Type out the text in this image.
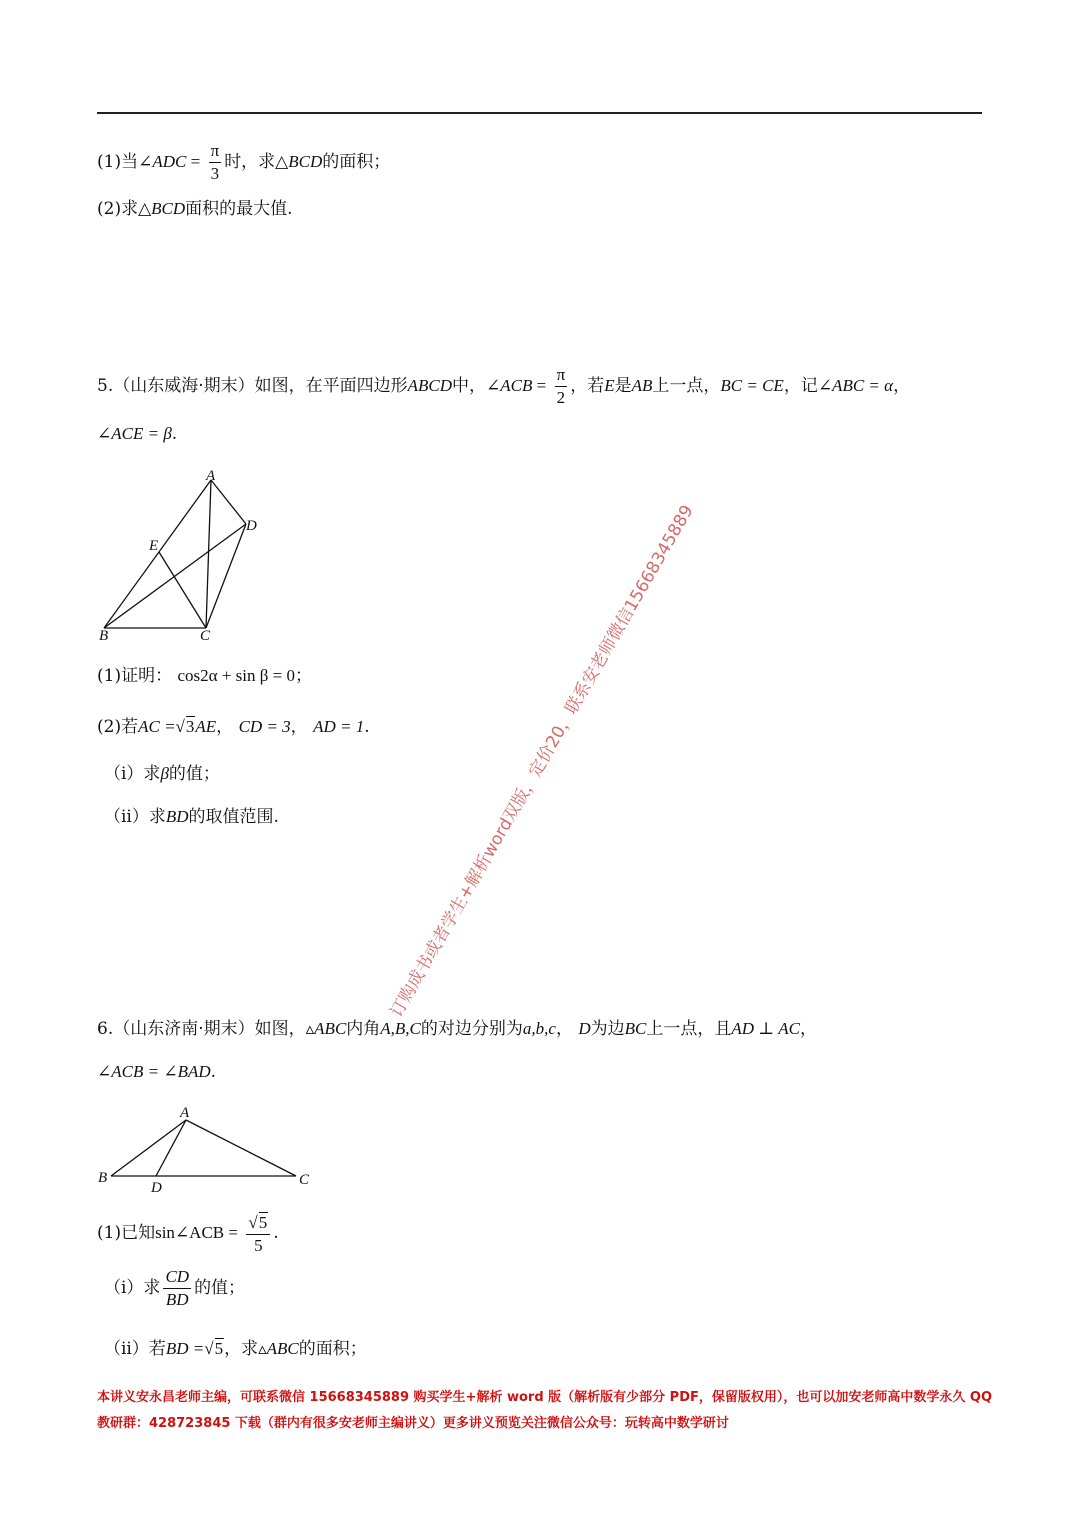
(1)当∠ADC = $\frac{\pi}{3}$ 时，求△BCD的面积；
(2)求△BCD面积的最大值.
5.（山东威海·期末）如图，在平面四边形ABCD中，∠ACB = $\frac{\pi}{2}$ ，若E是AB上一点，BC = CE，记∠ABC = α，
∠ACE = β.
A
D
E
B	C
(1)证明： cos2α + sin β = 0；
(2)若AC =√3AE， CD = 3， AD = 1.
（i）求β的值；
（ii）求BD的取值范围.	订购成书或者学生+解析word双版，定价20，联系安老师微信15668345889
6.（山东济南·期末）如图，▵ABC内角A,B,C的对边分别为a,b,c， D为边BC上一点，且AD ⊥ AC，
∠ACB = ∠BAD.
A
B
D	C
(1)已知sin∠ACB = $\frac{√5}{5}$ .
（i）求 $\frac{CD}{BD}$ 的值；
（ii）若BD =√5，求▵ABC的面积；
本讲义安永昌老师主编，可联系微信 15668345889 购买学生+解析 word 版（解析版有少部分 PDF，保留版权用），也可以加安老师高中数学永久 QQ
教研群：428723845 下载（群内有很多安老师主编讲义）更多讲义预览关注微信公众号：玩转高中数学研讨
